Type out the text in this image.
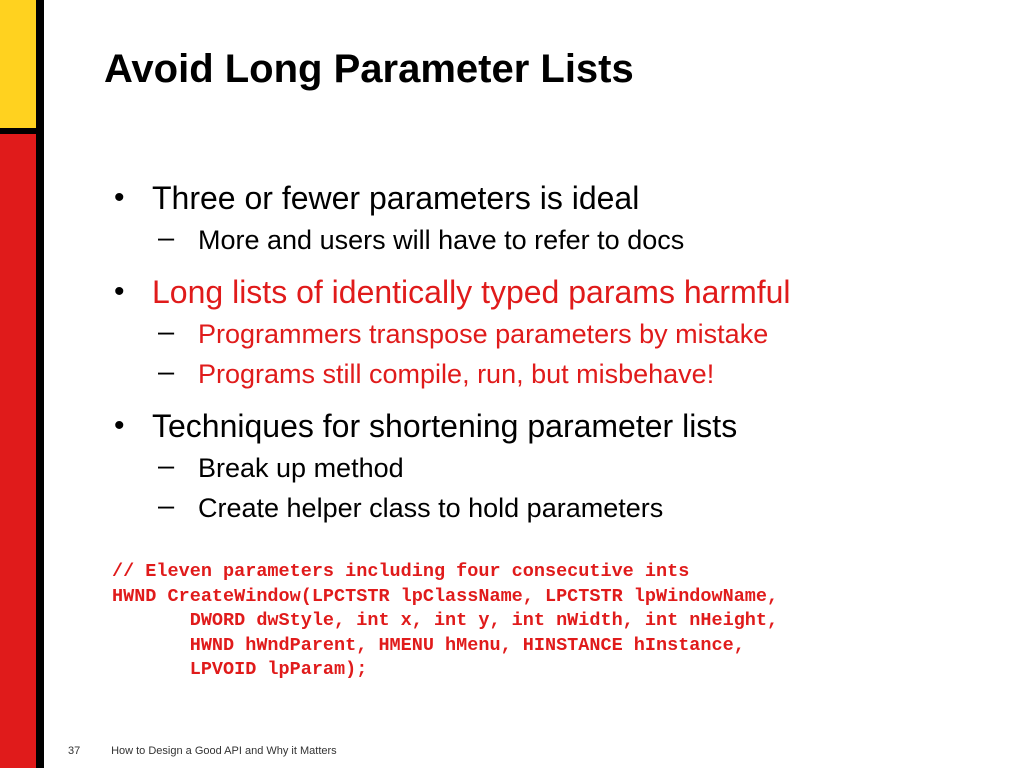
Avoid Long Parameter Lists
• Three or fewer parameters is ideal
– More and users will have to refer to docs
• Long lists of identically typed params harmful
– Programmers transpose parameters by mistake
– Programs still compile, run, but misbehave!
• Techniques for shortening parameter lists
– Break up method
– Create helper class to hold parameters
// Eleven parameters including four consecutive ints
HWND CreateWindow(LPCTSTR lpClassName, LPCTSTR lpWindowName,
DWORD dwStyle, int x, int y, int nWidth, int nHeight,
HWND hWndParent, HMENU hMenu, HINSTANCE hInstance,
LPVOID lpParam);
37	How to Design a Good API and Why it Matters
